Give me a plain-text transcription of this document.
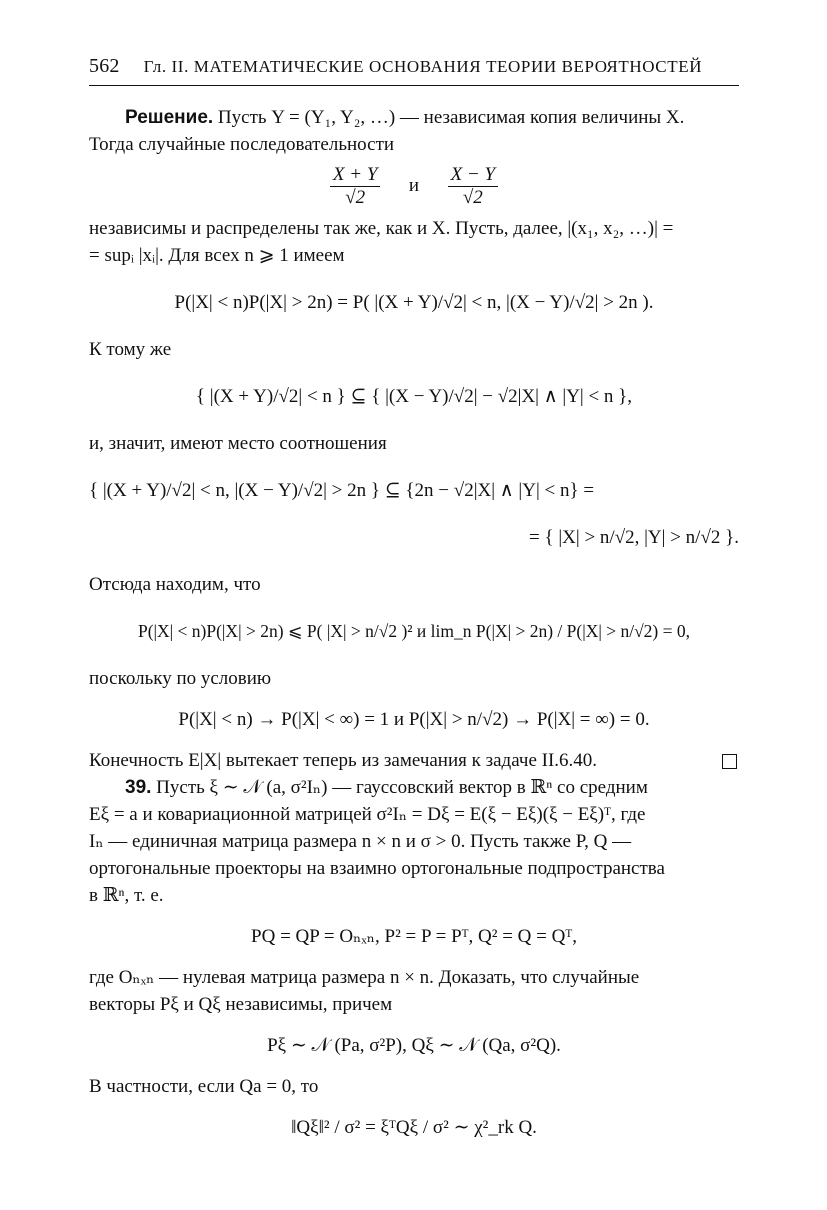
562 Гл. II. МАТЕМАТИЧЕСКИЕ ОСНОВАНИЯ ТЕОРИИ ВЕРОЯТНОСТЕЙ

Решение. Пусть Y = (Y₁, Y₂, …) — независимая копия величины X.

Тогда случайные последовательности

$\frac{X + Y}{√2}$ и $\frac{X - Y}{√2}$

независимы и распределены так же, как и X. Пусть, далее, |(x₁, x₂, …)| =

= supᵢ |xᵢ|. Для всех n ⩾ 1 имеем

P(|X| < n)P(|X| > 2n) = P( |(X + Y)/√2| < n, |(X − Y)/√2| > 2n ).

К тому же

{ |(X + Y)/√2| < n } ⊆ { |(X − Y)/√2| − √2|X| ∧ |Y| < n },

и, значит, имеют место соотношения

{ |(X + Y)/√2| < n, |(X − Y)/√2| > 2n } ⊆ {2n − √2|X| ∧ |Y| < n} =

= { |X| > n/√2, |Y| > n/√2 }.

Отсюда находим, что

P(|X| < n)P(|X| > 2n) ⩽ P( |X| > n/√2 )² и lim_n P(|X| > 2n) / P(|X| > n/√2) = 0,

поскольку по условию

P(|X| < n) → P(|X| < ∞) = 1 и P(|X| > n/√2) → P(|X| = ∞) = 0.

Конечность E|X| вытекает теперь из замечания к задаче II.6.40.

39. Пусть ξ ∼ 𝒩 (a, σ²Iₙ) — гауссовский вектор в ℝⁿ со средним

Eξ = a и ковариационной матрицей σ²Iₙ = Dξ = E(ξ − Eξ)(ξ − Eξ)ᵀ, где

Iₙ — единичная матрица размера n × n и σ > 0. Пусть также P, Q —

ортогональные проекторы на взаимно ортогональные подпространства

в ℝⁿ, т. е.

PQ = QP = Oₙₓₙ, P² = P = Pᵀ, Q² = Q = Qᵀ,

где Oₙₓₙ — нулевая матрица размера n × n. Доказать, что случайные

векторы Pξ и Qξ независимы, причем

Pξ ∼ 𝒩 (Pa, σ²P), Qξ ∼ 𝒩 (Qa, σ²Q).

В частности, если Qa = 0, то

‖Qξ‖² / σ² = ξᵀQξ / σ² ∼ χ²_rk Q.
